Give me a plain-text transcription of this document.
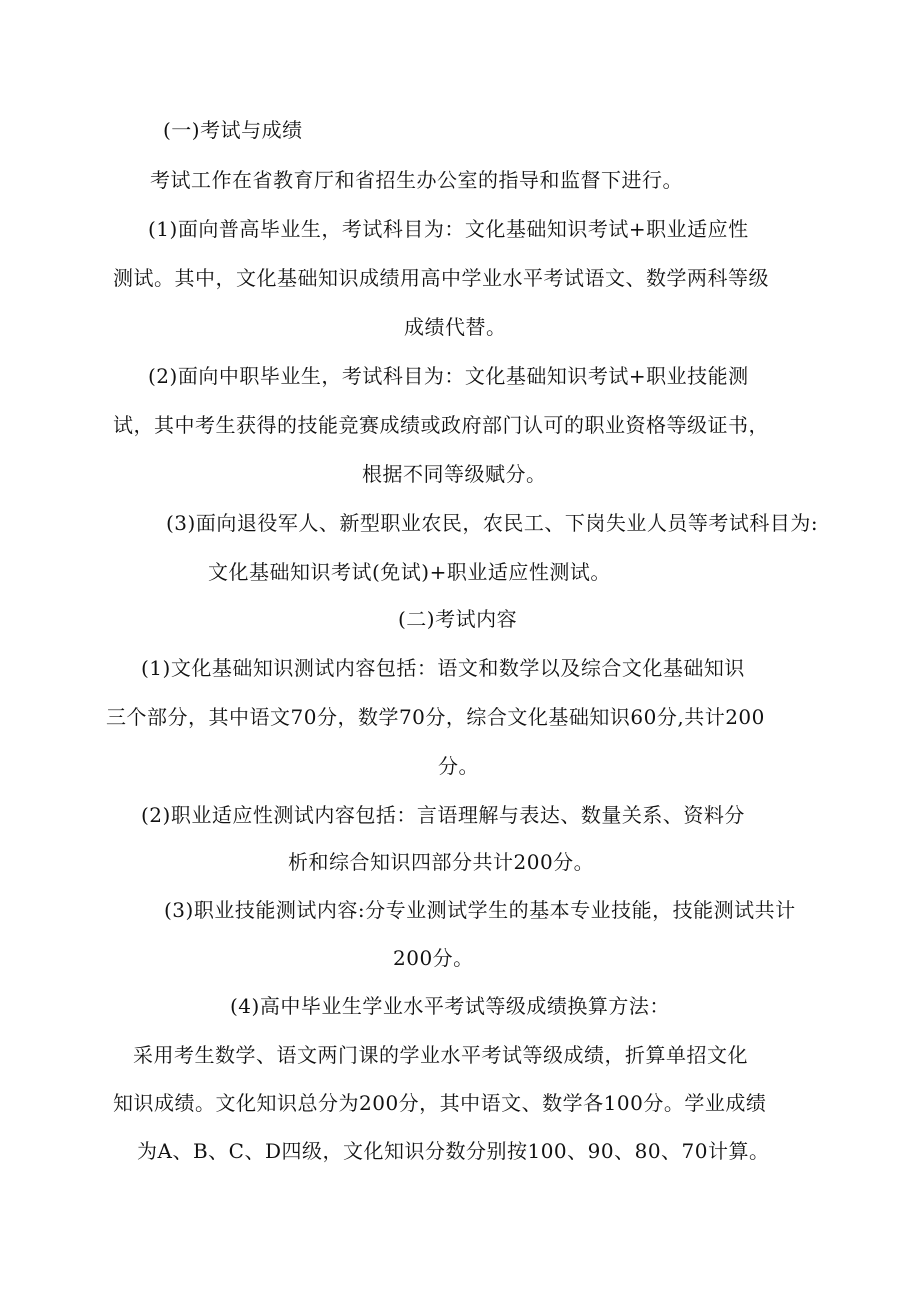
(一)考试与成绩
考试工作在省教育厅和省招生办公室的指导和监督下进行。
(1)面向普高毕业生，考试科目为：文化基础知识考试+职业适应性
测试。其中，文化基础知识成绩用高中学业水平考试语文、数学两科等级
成绩代替。
(2)面向中职毕业生，考试科目为：文化基础知识考试+职业技能测
试，其中考生获得的技能竞赛成绩或政府部门认可的职业资格等级证书，
根据不同等级赋分。
(3)面向退役军人、新型职业农民，农民工、下岗失业人员等考试科目为:
文化基础知识考试(免试)+职业适应性测试。
(二)考试内容
(1)文化基础知识测试内容包括：语文和数学以及综合文化基础知识
三个部分，其中语文70分，数学70分，综合文化基础知识60分,共计200
分。
(2)职业适应性测试内容包括：言语理解与表达、数量关系、资料分
析和综合知识四部分共计200分。
(3)职业技能测试内容:分专业测试学生的基本专业技能，技能测试共计
200分。
(4)高中毕业生学业水平考试等级成绩换算方法：
采用考生数学、语文两门课的学业水平考试等级成绩，折算单招文化
知识成绩。文化知识总分为200分，其中语文、数学各100分。学业成绩
为A、B、C、D四级，文化知识分数分别按100、90、80、70计算。
